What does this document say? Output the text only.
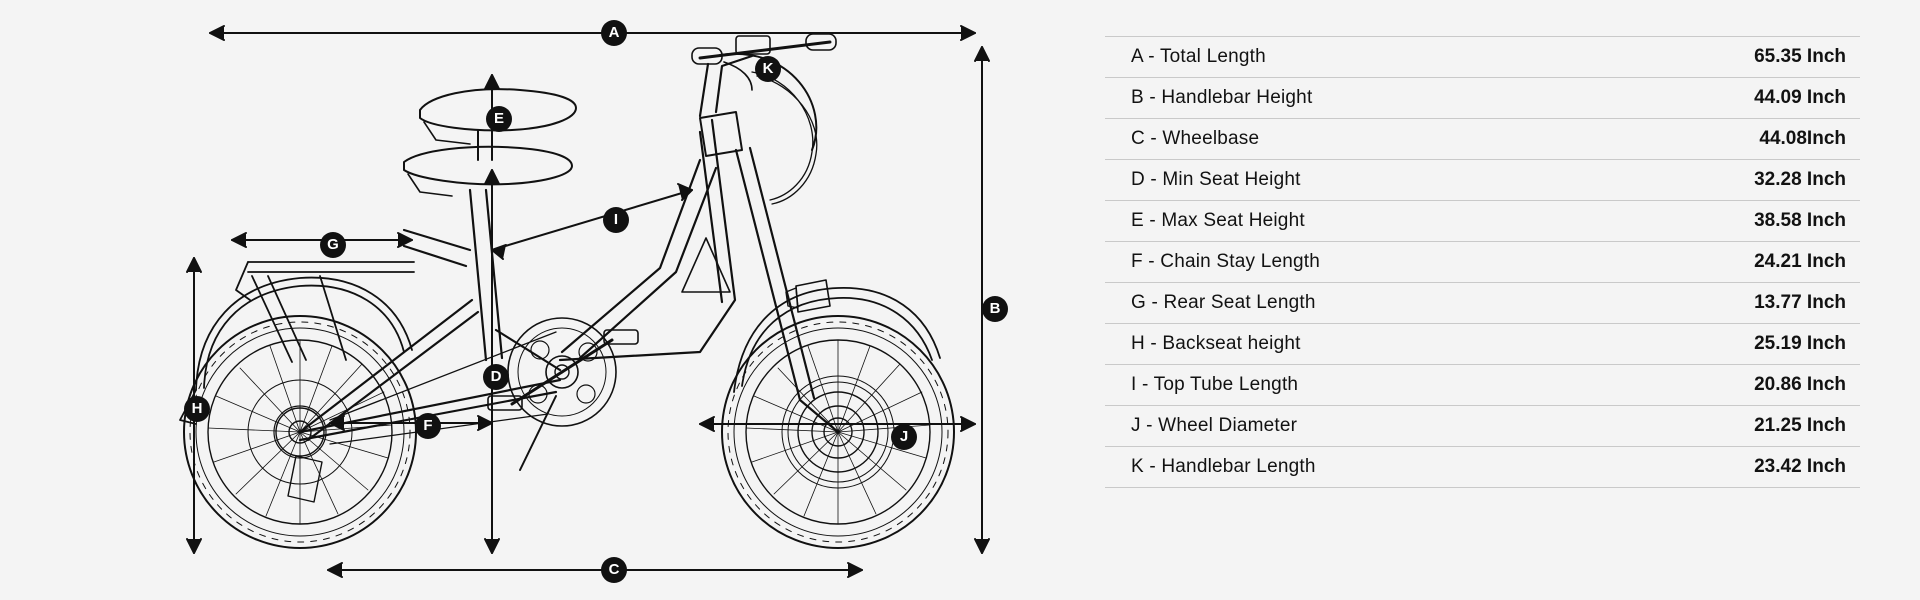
A
B
C
D
E
F
G
H
I
J
K
A - Total Length	65.35 Inch
B - Handlebar Height	44.09 Inch
C - Wheelbase	44.08Inch
D - Min Seat Height	32.28 Inch
E - Max Seat Height	38.58 Inch
F - Chain Stay Length	24.21 Inch
G - Rear Seat Length	13.77 Inch
H - Backseat height	25.19 Inch
I - Top Tube Length	20.86 Inch
J - Wheel Diameter	21.25 Inch
K - Handlebar Length	23.42 Inch
